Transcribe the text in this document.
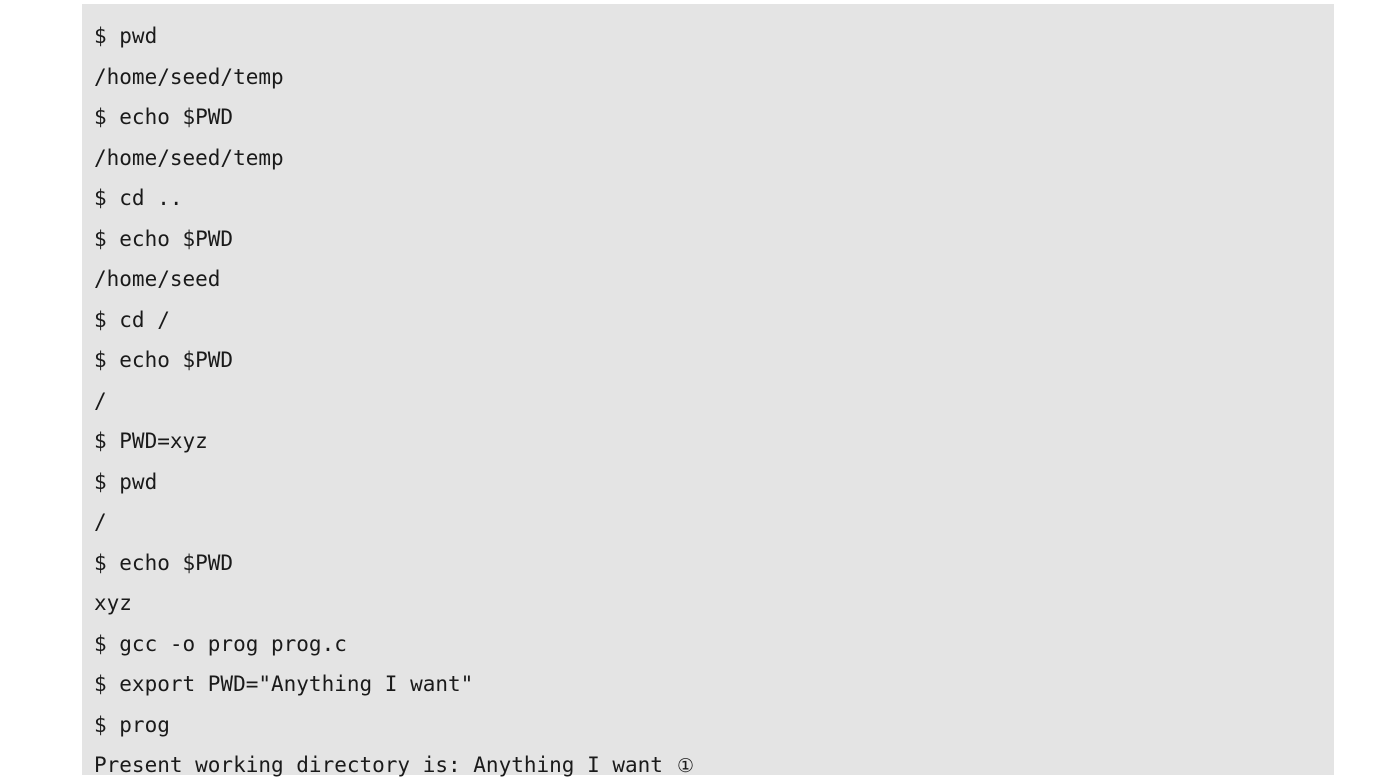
$ pwd
/home/seed/temp
$ echo $PWD
/home/seed/temp
$ cd ..
$ echo $PWD
/home/seed
$ cd /
$ echo $PWD
/
$ PWD=xyz
$ pwd
/
$ echo $PWD
xyz
$ gcc -o prog prog.c
$ export PWD="Anything I want"
$ prog
Present working directory is: Anything I want ①
